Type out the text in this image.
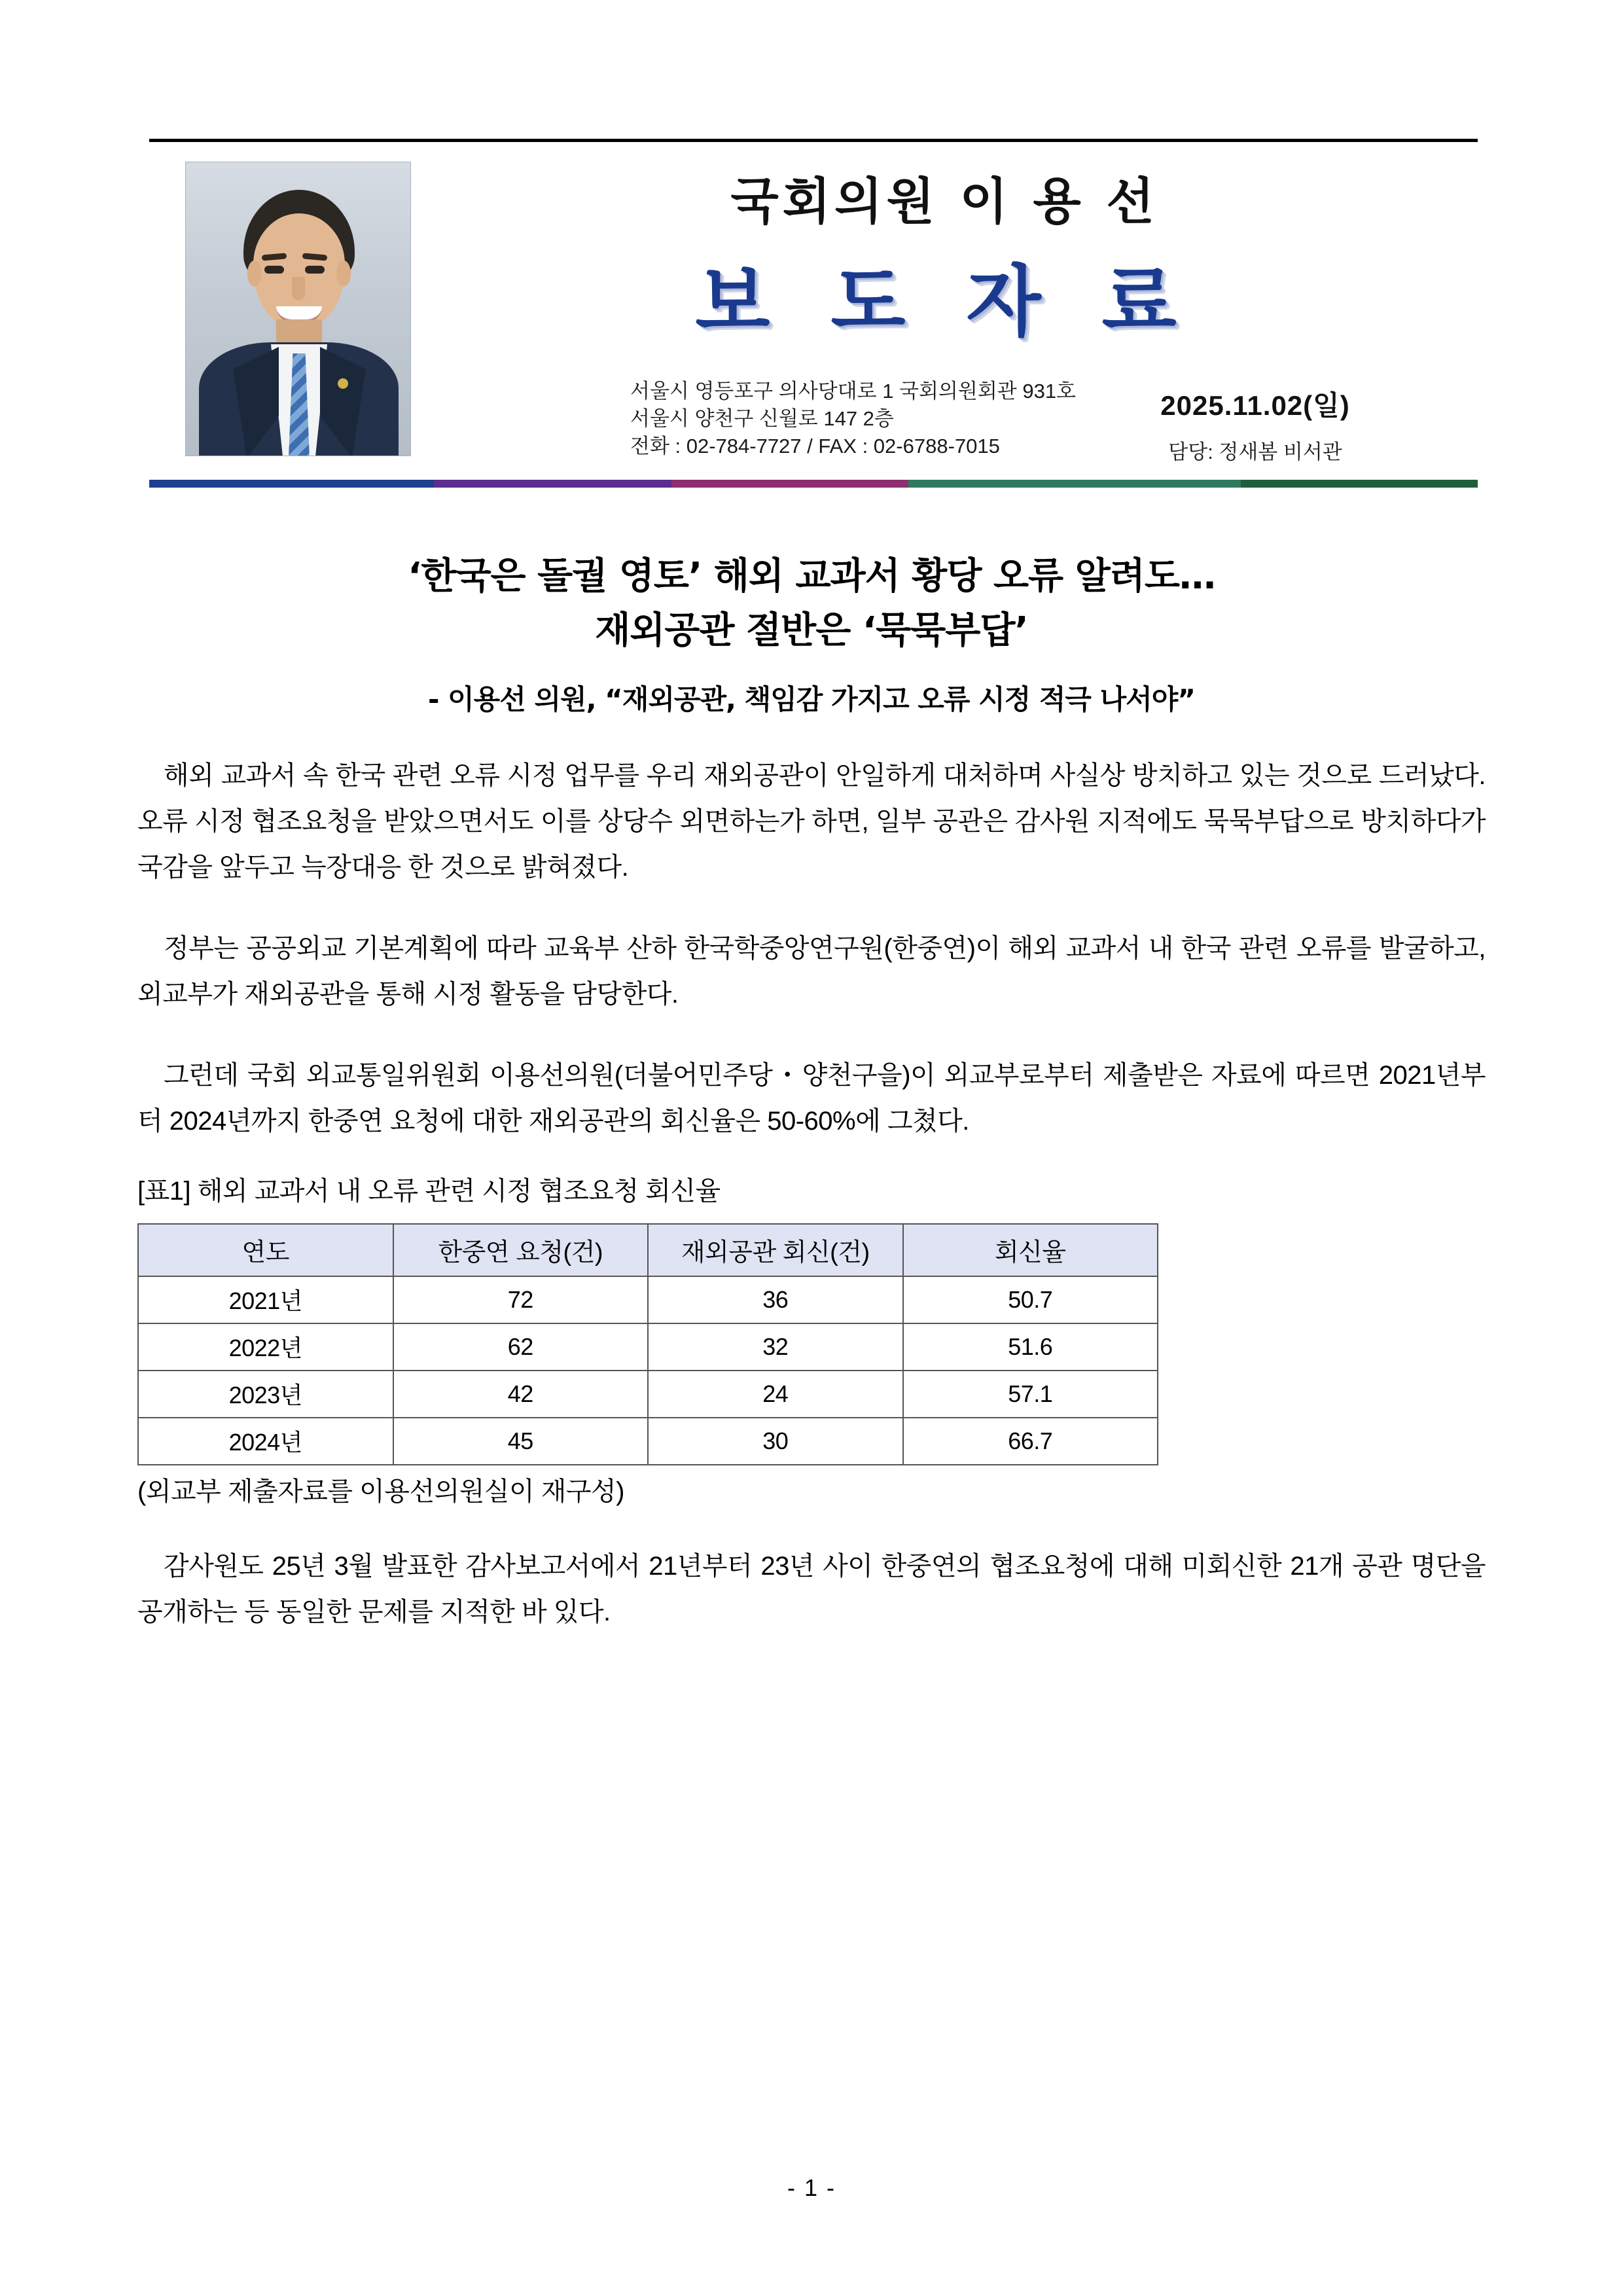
국회의원 이 용 선
보 도 자 료
서울시 영등포구 의사당대로 1 국회의원회관 931호
서울시 양천구 신월로 147 2층
전화 : 02-784-7727 / FAX : 02-6788-7015
2025.11.02(일)
담당: 정새봄 비서관
‘한국은 돌궐 영토’ 해외 교과서 황당 오류 알려도…
재외공관 절반은 ‘묵묵부답’
- 이용선 의원, “재외공관, 책임감 가지고 오류 시정 적극 나서야”

해외 교과서 속 한국 관련 오류 시정 업무를 우리 재외공관이 안일하게 대처하며 사실상 방치하고 있는 것으로 드러났다. 오류 시정 협조요청을 받았으면서도 이를 상당수 외면하는가 하면, 일부 공관은 감사원 지적에도 묵묵부답으로 방치하다가 국감을 앞두고 늑장대응 한 것으로 밝혀졌다.

정부는 공공외교 기본계획에 따라 교육부 산하 한국학중앙연구원(한중연)이 해외 교과서 내 한국 관련 오류를 발굴하고, 외교부가 재외공관을 통해 시정 활동을 담당한다.

그런데 국회 외교통일위원회 이용선의원(더불어민주당・양천구을)이 외교부로부터 제출받은 자료에 따르면 2021년부터 2024년까지 한중연 요청에 대한 재외공관의 회신율은 50-60%에 그쳤다.

[표1] 해외 교과서 내 오류 관련 시정 협조요청 회신율
연도	한중연 요청(건)	재외공관 회신(건)	회신율
2021년	72	36	50.7
2022년	62	32	51.6
2023년	42	24	57.1
2024년	45	30	66.7
(외교부 제출자료를 이용선의원실이 재구성)

감사원도 25년 3월 발표한 감사보고서에서 21년부터 23년 사이 한중연의 협조요청에 대해 미회신한 21개 공관 명단을 공개하는 등 동일한 문제를 지적한 바 있다.

- 1 -
